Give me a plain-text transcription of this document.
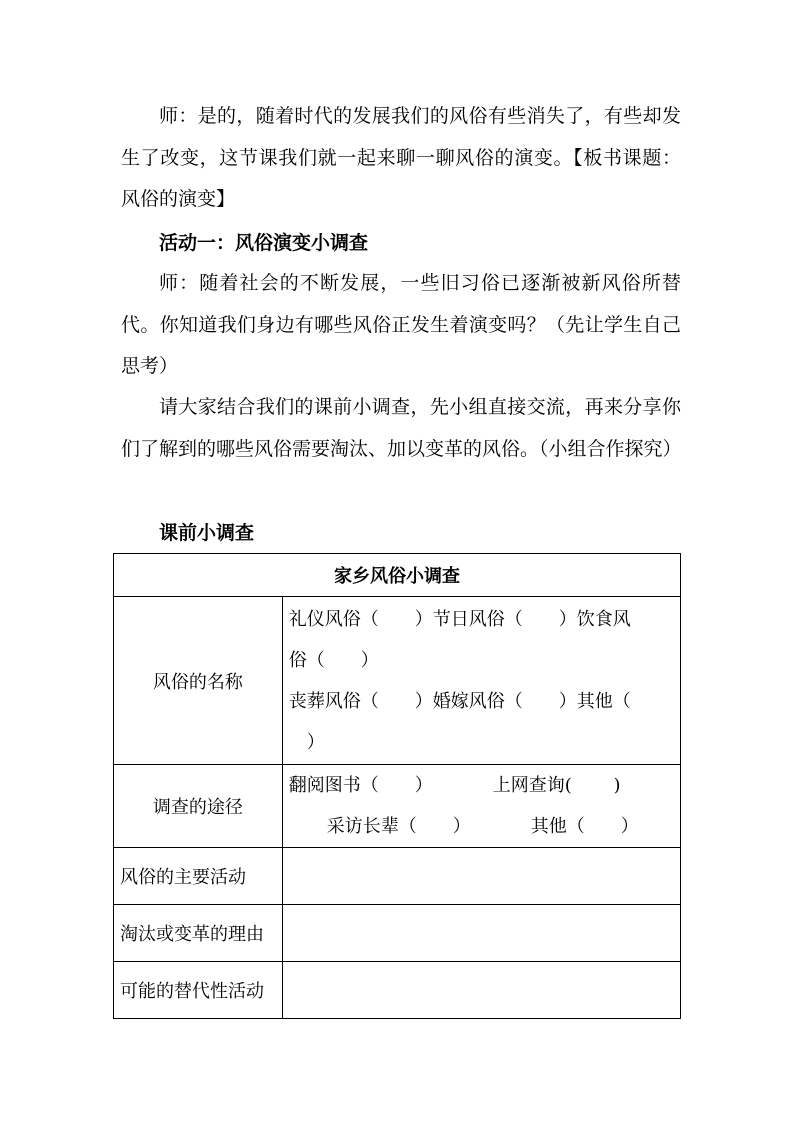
师：是的，随着时代的发展我们的风俗有些消失了，有些却发生了改变，这节课我们就一起来聊一聊风俗的演变。【板书课题：风俗的演变】

活动一：风俗演变小调查

师：随着社会的不断发展，一些旧习俗已逐渐被新风俗所替代。你知道我们身边有哪些风俗正发生着演变吗？（先让学生自己思考）

请大家结合我们的课前小调查，先小组直接交流，再来分享你们了解到的哪些风俗需要淘汰、加以变革的风俗。（小组合作探究）

课前小调查

家乡风俗小调查	
风俗的名称	礼仪风俗（　　）节日风俗（　　）饮食风
俗（　　）
丧葬风俗（　　）婚嫁风俗（　　）其他（
　）

调查的途径	翻阅图书（　　） 上网查询(　　 )
采访长辈（　　） 其他（　　）

风俗的主要活动	
淘汰或变革的理由	
可能的替代性活动	
